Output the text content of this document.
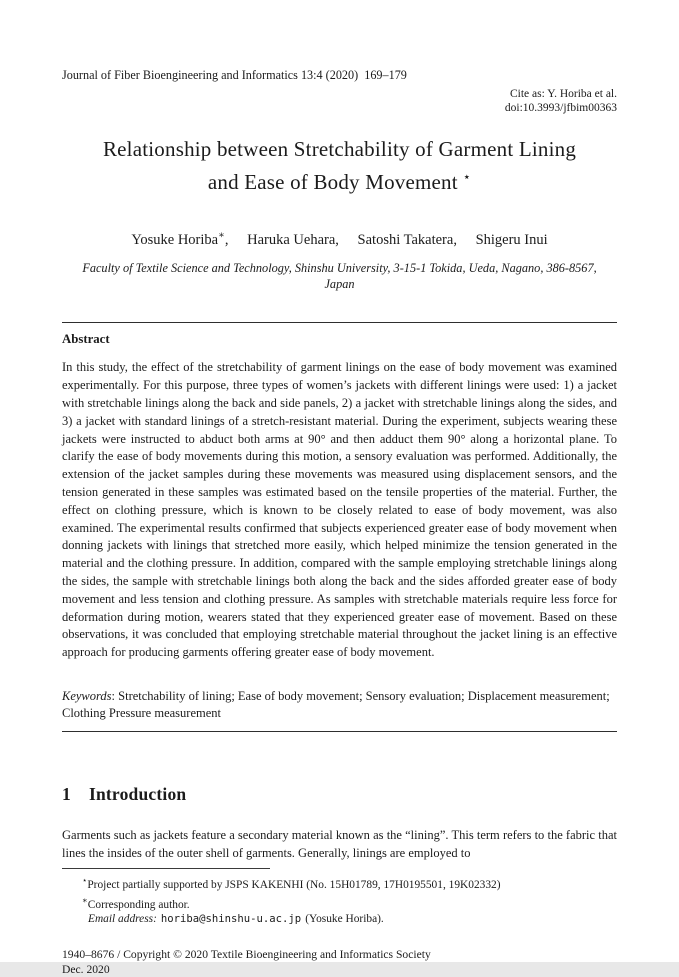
Journal of Fiber Bioengineering and Informatics 13:4 (2020)  169–179
Cite as: Y. Horiba et al.
doi:10.3993/jfbim00363
Relationship between Stretchability of Garment Lining
and Ease of Body Movement ⋆
Yosuke Horiba∗, Haruka Uehara, Satoshi Takatera, Shigeru Inui
Faculty of Textile Science and Technology, Shinshu University, 3-15-1 Tokida, Ueda, Nagano, 386-8567, Japan
Abstract

In this study, the effect of the stretchability of garment linings on the ease of body movement was examined experimentally. For this purpose, three types of women’s jackets with different linings were used: 1) a jacket with stretchable linings along the back and side panels, 2) a jacket with stretchable linings along the sides, and 3) a jacket with standard linings of a stretch-resistant material. During the experiment, subjects wearing these jackets were instructed to abduct both arms at 90° and then adduct them 90° along a horizontal plane. To clarify the ease of body movements during this motion, a sensory evaluation was performed. Additionally, the extension of the jacket samples during these movements was measured using displacement sensors, and the tension generated in these samples was estimated based on the tensile properties of the material. Further, the effect on clothing pressure, which is known to be closely related to ease of body movement, was also examined. The experimental results confirmed that subjects experienced greater ease of body movement when donning jackets with linings that stretched more easily, which helped minimize the tension generated in the material and the clothing pressure. In addition, compared with the sample employing stretchable linings along the sides, the sample with stretchable linings both along the back and the sides afforded greater ease of body movement and less tension and clothing pressure. As samples with stretchable materials require less force for deformation during motion, wearers stated that they experienced greater ease of movement. Based on these observations, it was concluded that employing stretchable material throughout the jacket lining is an effective approach for producing garments offering greater ease of body movement.

Keywords: Stretchability of lining; Ease of body movement; Sensory evaluation; Displacement measurement; Clothing Pressure measurement

1 Introduction

Garments such as jackets feature a secondary material known as the “lining”. This term refers to the fabric that lines the insides of the outer shell of garments. Generally, linings are employed to

⋆Project partially supported by JSPS KAKENHI (No. 15H01789, 17H0195501, 19K02332)
∗Corresponding author.
Email address: horiba@shinshu-u.ac.jp (Yosuke Horiba).
1940–8676 / Copyright © 2020 Textile Bioengineering and Informatics Society
Dec. 2020
